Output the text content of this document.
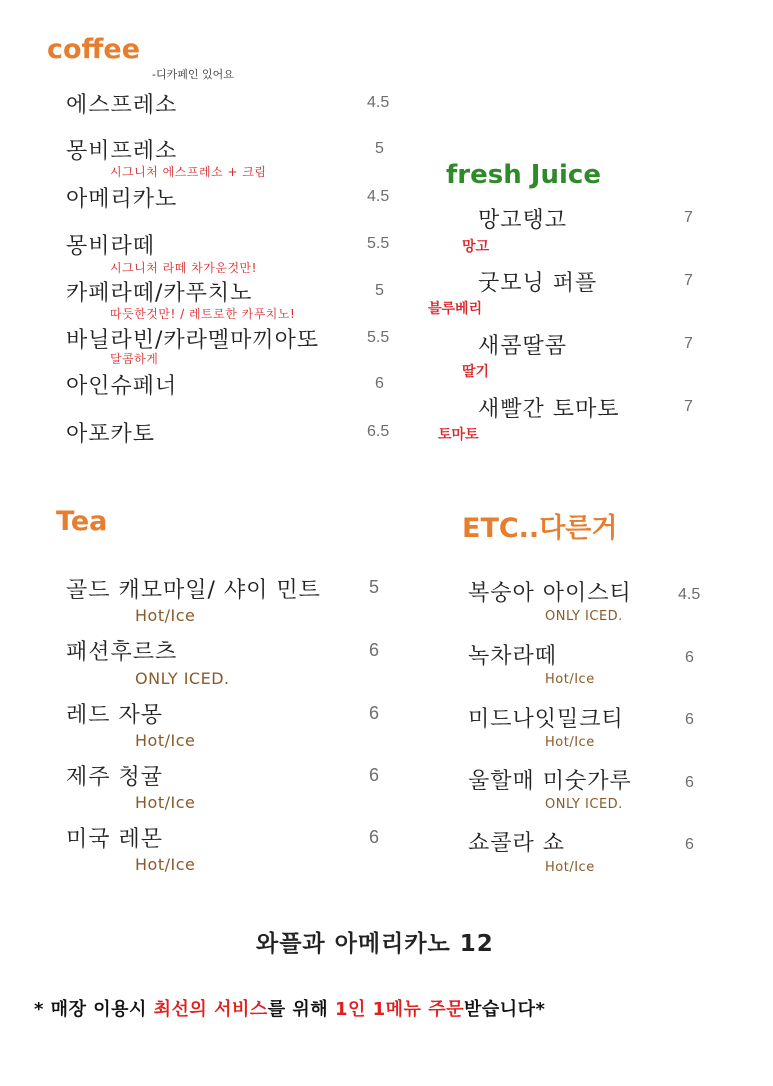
coffee
-디카페인 있어요
에스프레소	4.5
몽비프레소	5
시그니처 에스프레소 + 크림
아메리카노	4.5
몽비라떼	5.5
시그니처 라떼 차가운것만!
카페라떼/카푸치노	5
따듯한것만! / 레트로한 카푸치노!
바닐라빈/카라멜마끼아또	5.5
달콤하게
아인슈페너	6
아포카토	6.5
fresh Juice
망고탱고	7
망고
굿모닝 퍼플	7
블루베리
새콤딸콤	7
딸기
새빨간 토마토	7
토마토
Tea
골드 캐모마일/ 샤이 민트	5
Hot/Ice
패션후르츠	6
ONLY ICED.
레드 자몽	6
Hot/Ice
제주 청귤	6
Hot/Ice
미국 레몬	6
Hot/Ice
ETC..다른거
복숭아 아이스티	4.5
ONLY ICED.
녹차라떼	6
Hot/Ice
미드나잇밀크티	6
Hot/Ice
울할매 미숫가루	6
ONLY ICED.
쇼콜라 쇼	6
Hot/Ice
와플과 아메리카노 12
* 매장 이용시 최선의 서비스를 위해 1인 1메뉴 주문받습니다*
